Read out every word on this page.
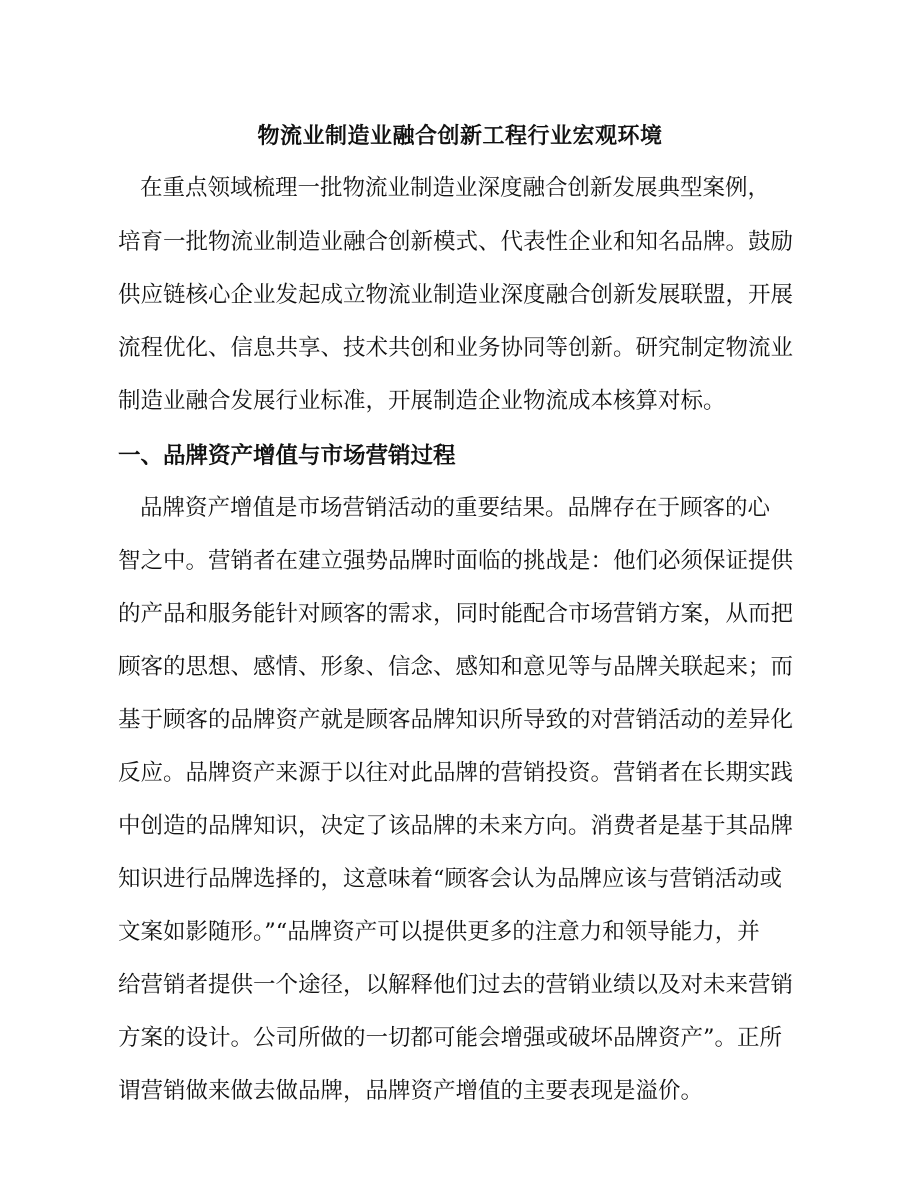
物流业制造业融合创新工程行业宏观环境

在重点领域梳理一批物流业制造业深度融合创新发展典型案例，

培育一批物流业制造业融合创新模式、代表性企业和知名品牌。鼓励

供应链核心企业发起成立物流业制造业深度融合创新发展联盟，开展

流程优化、信息共享、技术共创和业务协同等创新。研究制定物流业

制造业融合发展行业标准，开展制造企业物流成本核算对标。

一、品牌资产增值与市场营销过程

品牌资产增值是市场营销活动的重要结果。品牌存在于顾客的心

智之中。营销者在建立强势品牌时面临的挑战是：他们必须保证提供

的产品和服务能针对顾客的需求，同时能配合市场营销方案，从而把

顾客的思想、感情、形象、信念、感知和意见等与品牌关联起来；而

基于顾客的品牌资产就是顾客品牌知识所导致的对营销活动的差异化

反应。品牌资产来源于以往对此品牌的营销投资。营销者在长期实践

中创造的品牌知识，决定了该品牌的未来方向。消费者是基于其品牌

知识进行品牌选择的，这意味着“顾客会认为品牌应该与营销活动或

文案如影随形。”“品牌资产可以提供更多的注意力和领导能力，并

给营销者提供一个途径，以解释他们过去的营销业绩以及对未来营销

方案的设计。公司所做的一切都可能会增强或破坏品牌资产”。正所

谓营销做来做去做品牌，品牌资产增值的主要表现是溢价。
